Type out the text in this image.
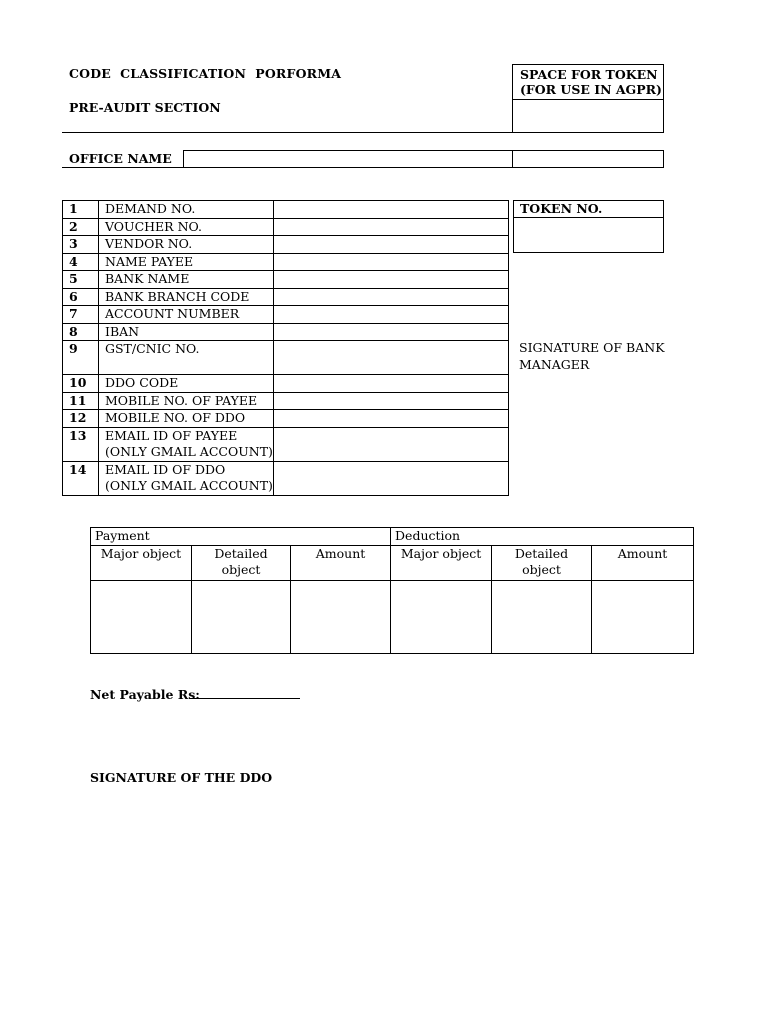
CODE  CLASSIFICATION  PORFORMA
PRE-AUDIT SECTION
SPACE FOR TOKEN
(FOR USE IN AGPR)
OFFICE NAME
1	DEMAND NO.	
2	VOUCHER NO.	
3	VENDOR NO.	
4	NAME PAYEE	
5	BANK NAME	
6	BANK BRANCH CODE	
7	ACCOUNT NUMBER	
8	IBAN	
9	GST/CNIC NO.	
10	DDO CODE	
11	MOBILE NO. OF PAYEE	
12	MOBILE NO. OF DDO	
13	EMAIL ID OF PAYEE
(ONLY GMAIL ACCOUNT)	

14	EMAIL ID OF DDO
(ONLY GMAIL ACCOUNT)	

TOKEN NO.
SIGNATURE OF BANK
MANAGER
Payment			Deduction		
Major object	Detailed object	Amount	Major object	Detailed object	Amount

Net Payable Rs:
SIGNATURE OF THE DDO
